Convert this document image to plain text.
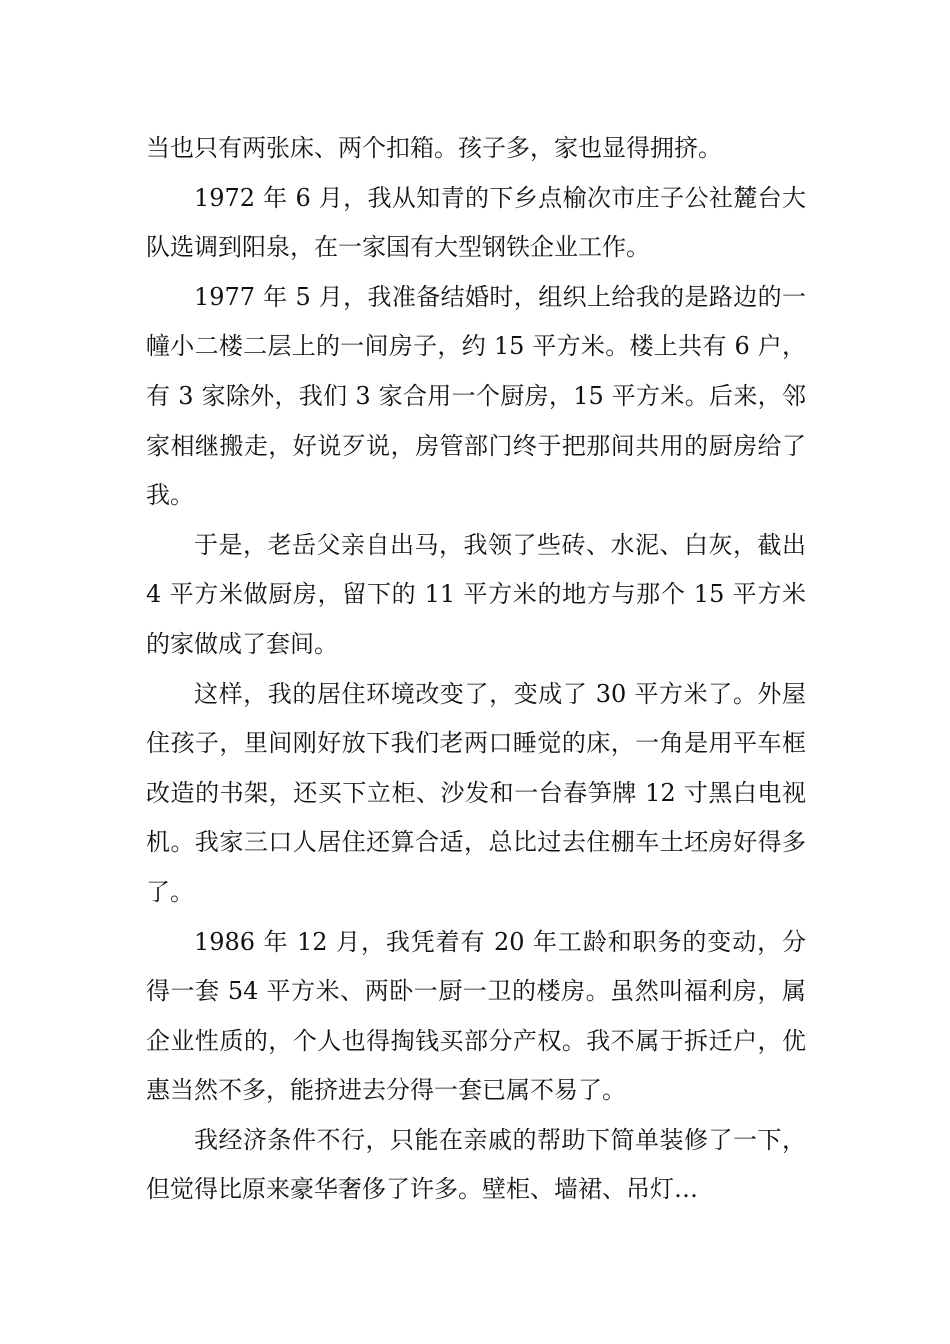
当也只有两张床、两个扣箱。孩子多，家也显得拥挤。

1972 年 6 月，我从知青的下乡点榆次市庄子公社麓台大队选调到阳泉，在一家国有大型钢铁企业工作。

1977 年 5 月，我准备结婚时，组织上给我的是路边的一幢小二楼二层上的一间房子，约 15 平方米。楼上共有 6 户，有 3 家除外，我们 3 家合用一个厨房，15 平方米。后来，邻家相继搬走，好说歹说，房管部门终于把那间共用的厨房给了我。

于是，老岳父亲自出马，我领了些砖、水泥、白灰，截出 4 平方米做厨房，留下的 11 平方米的地方与那个 15 平方米的家做成了套间。

这样，我的居住环境改变了，变成了 30 平方米了。外屋住孩子，里间刚好放下我们老两口睡觉的床，一角是用平车框改造的书架，还买下立柜、沙发和一台春笋牌 12 寸黑白电视机。我家三口人居住还算合适，总比过去住棚车土坯房好得多了。

1986 年 12 月，我凭着有 20 年工龄和职务的变动，分得一套 54 平方米、两卧一厨一卫的楼房。虽然叫福利房，属企业性质的，个人也得掏钱买部分产权。我不属于拆迁户，优惠当然不多，能挤进去分得一套已属不易了。

我经济条件不行，只能在亲戚的帮助下简单装修了一下，但觉得比原来豪华奢侈了许多。壁柜、墙裙、吊灯…
